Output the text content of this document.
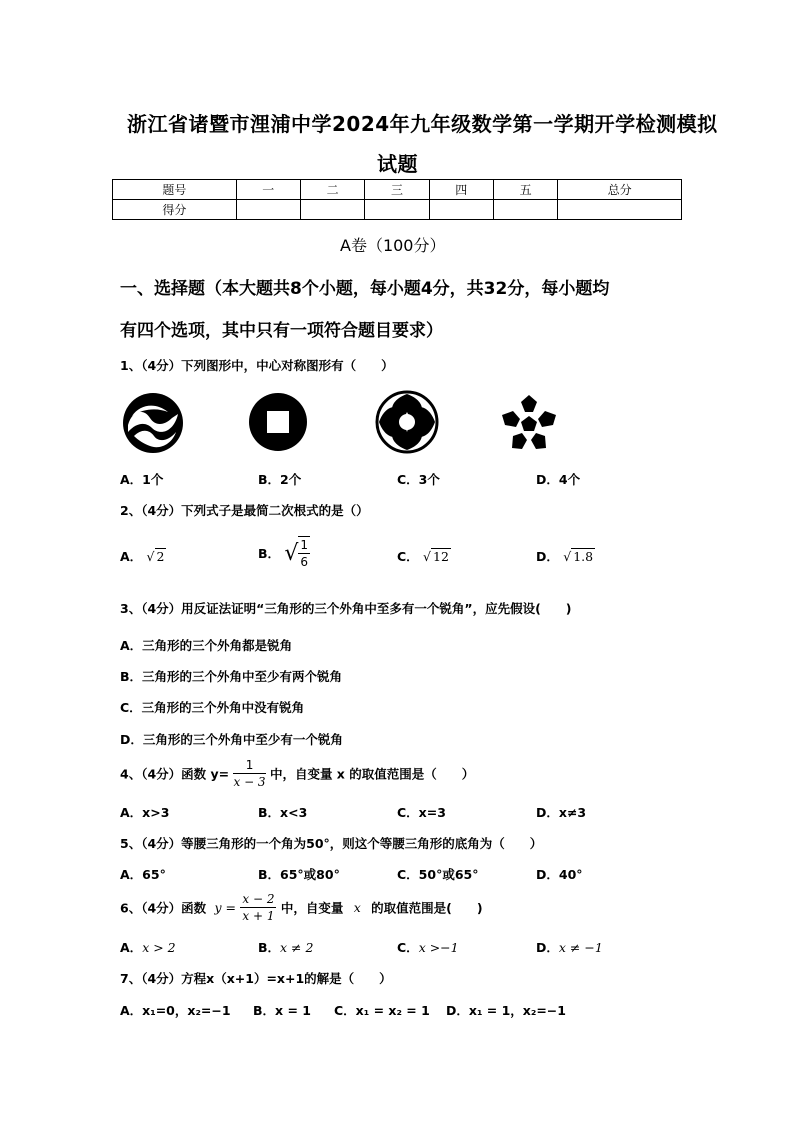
浙江省诸暨市浬浦中学2024年九年级数学第一学期开学检测模拟
试题
题号	一	二	三	四	五	总分
得分						
A卷（100分）
一、选择题（本大题共8个小题，每小题4分，共32分，每小题均
有四个选项，其中只有一项符合题目要求）
1、（4分）下列图形中，中心对称图形有（　　）
A．1个	B．2个	C．3个	D．4个
2、（4分）下列式子是最简二次根式的是（）
A． √ 2	B． √ $\frac{1}{6}$	C． √ 12	D． √ 1.8
3、（4分）用反证法证明“三角形的三个外角中至多有一个锐角”，应先假设(　　)
A．三角形的三个外角都是锐角
B．三角形的三个外角中至少有两个锐角
C．三角形的三个外角中没有锐角
D．三角形的三个外角中至少有一个锐角
4、（4分）函数 $y= \frac{1}{x - 3}$ 中，自变量 x 的取值范围是（　　）
A．x>3	B．x<3	C．x=3	D．x≠3
5、（4分）等腰三角形的一个角为50°，则这个等腰三角形的底角为（　　）
A．65°	B．65°或80°	C．50°或65°	D．40°
6、（4分）函数 $y = \frac{x - 2}{x + 1}$ 中，自变量 x 的取值范围是(　　)
A．x > 2	B．x ≠ 2	C．x >−1	D．x ≠ −1
7、（4分）方程x（x+1）=x+1的解是（　　）
A．x₁=0，x₂=−1 B．x = 1 C．x₁ = x₂ = 1 D．x₁ = 1，x₂=−1
